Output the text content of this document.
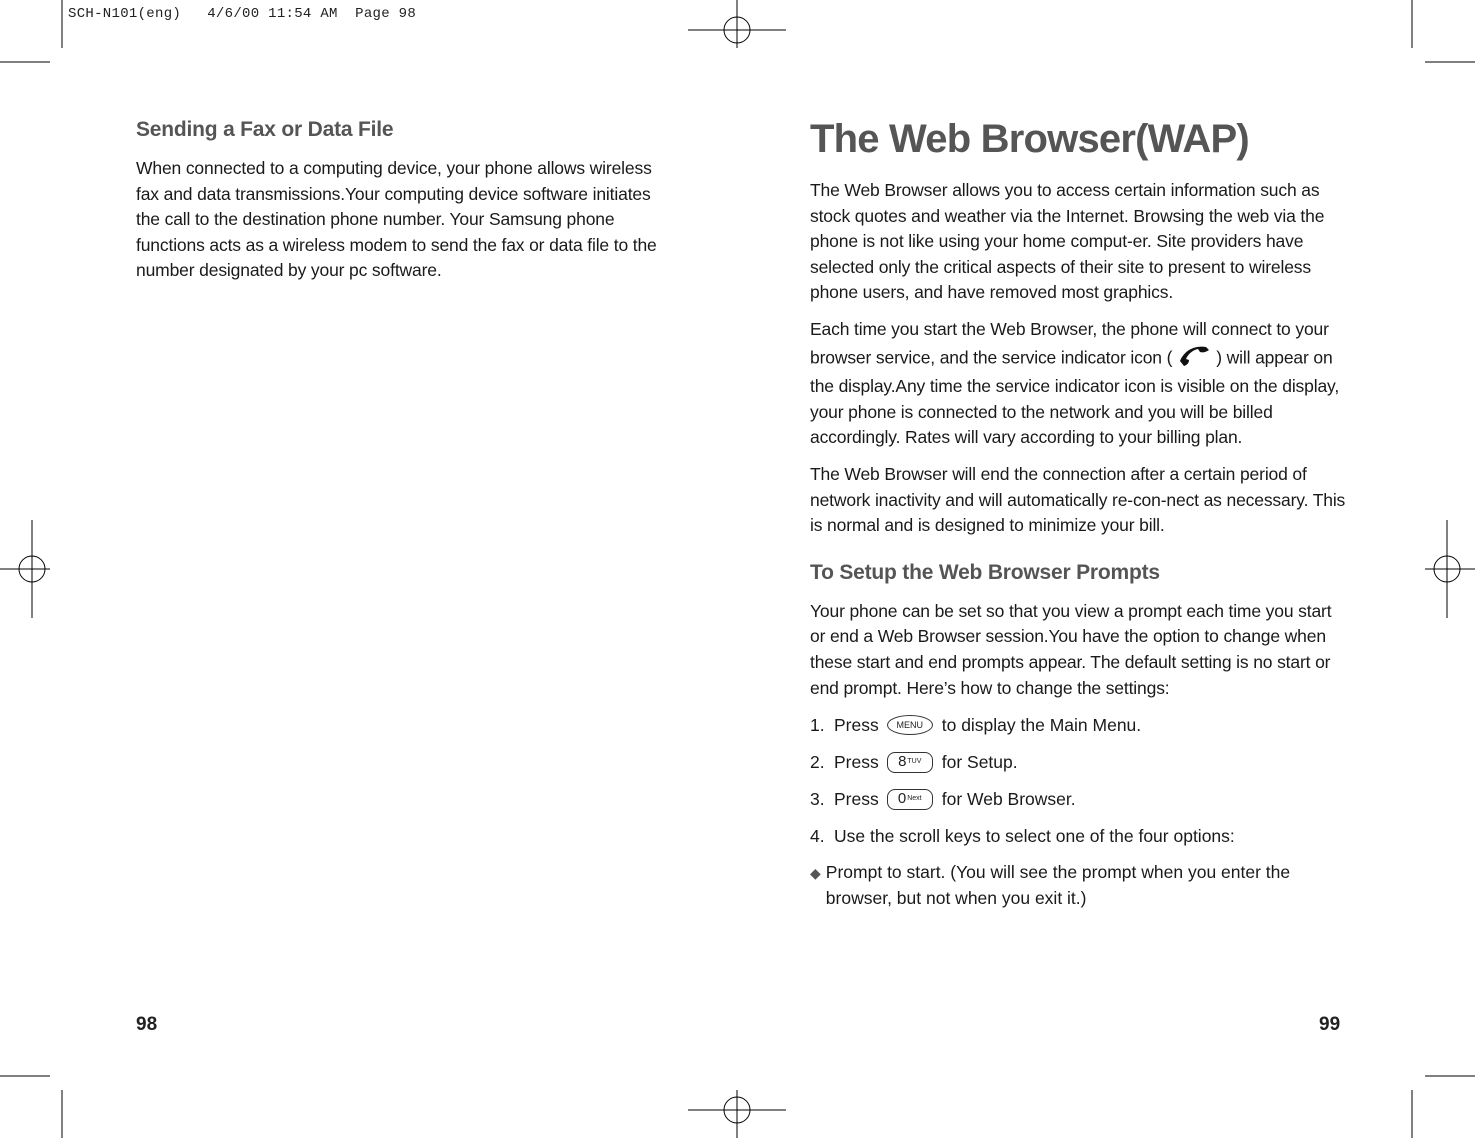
SCH-N101(eng)   4/6/00 11:54 AM  Page 98
Sending a Fax or Data File

When connected to a computing device, your phone allows wireless fax and data transmissions.Your computing device software initiates the call to the destination phone number. Your Samsung phone functions acts as a wireless modem to send the fax or data file to the number designated by your pc software.

The Web Browser(WAP)

The Web Browser allows you to access certain information such as stock quotes and weather via the Internet. Browsing the web via the phone is not like using your home comput-er. Site providers have selected only the critical aspects of their site to present to wireless phone users, and have removed most graphics.

Each time you start the Web Browser, the phone will connect to your browser service, and the service indicator icon (	) will appear on the display.Any time the service indicator icon is visible on the display, your phone is connected to the network and you will be billed accordingly. Rates will vary according to your billing plan.

The Web Browser will end the connection after a certain period of network inactivity and will automatically re-con-nect as necessary. This is normal and is designed to minimize your bill.

To Setup the Web Browser Prompts

Your phone can be set so that you view a prompt each time you start or end a Web Browser session.You have the option to change when these start and end prompts appear. The default setting is no start or end prompt. Here’s how to change the settings:

1. Press MENU to display the Main Menu.
2. Press 8 TUV for Setup.
3. Press 0 Next for Web Browser.
4. Use the scroll keys to select one of the four options:
◆ Prompt to start. (You will see the prompt when you enter the browser, but not when you exit it.)
98	99
